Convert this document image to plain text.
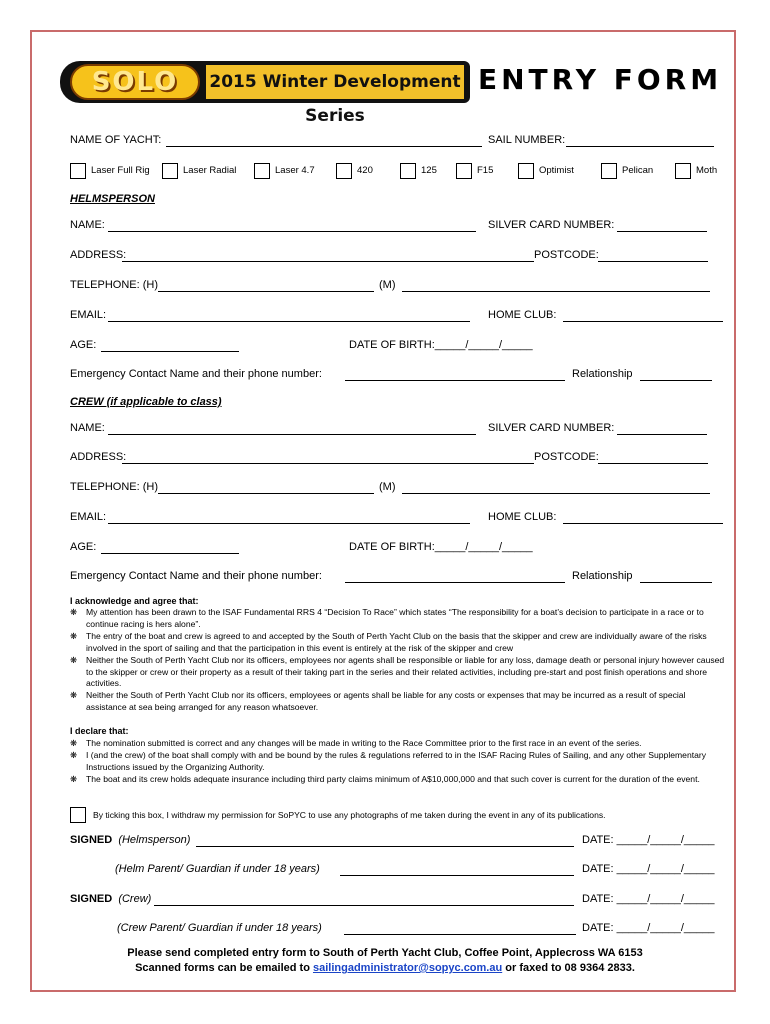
SOLO	2015 Winter Development Series
ENTRY FORM
NAME OF YACHT:	SAIL NUMBER:
Laser Full Rig	Laser Radial	Laser 4.7	420	125	F15	Optimist	Pelican	Moth
HELMSPERSON
NAME:	SILVER CARD NUMBER:
ADDRESS:	POSTCODE:
TELEPHONE: (H)	(M)
EMAIL:	HOME CLUB:
AGE:	DATE OF BIRTH:_____/_____/_____
Emergency Contact Name and their phone number:	Relationship
CREW (if applicable to class)
NAME:	SILVER CARD NUMBER:
ADDRESS:	POSTCODE:
TELEPHONE: (H)	(M)
EMAIL:	HOME CLUB:
AGE:	DATE OF BIRTH:_____/_____/_____
Emergency Contact Name and their phone number:	Relationship
I acknowledge and agree that:
❋ My attention has been drawn to the ISAF Fundamental RRS 4 “Decision To Race” which states “The responsibility for a boat’s decision to participate in a race or to continue racing is hers alone”.
❋ The entry of the boat and crew is agreed to and accepted by the South of Perth Yacht Club on the basis that the skipper and crew are individually aware of the risks involved in the sport of sailing and that the participation in this event is entirely at the risk of the skipper and crew
❋ Neither the South of Perth Yacht Club nor its officers, employees nor agents shall be responsible or liable for any loss, damage death or personal injury however caused to the skipper or crew or their property as a result of their taking part in the series and their related activities, including pre-start and post finish operations and shore activities.
❋ Neither the South of Perth Yacht Club nor its officers, employees or agents shall be liable for any costs or expenses that may be incurred as a result of special assistance at sea being arranged for any reason whatsoever.
I declare that:
❋ The nomination submitted is correct and any changes will be made in writing to the Race Committee prior to the first race in an event of the series.
❋ I (and the crew) of the boat shall comply with and be bound by the rules & regulations referred to in the ISAF Racing Rules of Sailing, and any other Supplementary Instructions issued by the Organizing Authority.
❋ The boat and its crew holds adequate insurance including third party claims minimum of A$10,000,000 and that such cover is current for the duration of the event.
By ticking this box, I withdraw my permission for SoPYC to use any photographs of me taken during the event in any of its publications.
SIGNED (Helmsperson)	DATE: _____/_____/_____
(Helm Parent/ Guardian if under 18 years)	DATE: _____/_____/_____
SIGNED (Crew)	DATE: _____/_____/_____
(Crew Parent/ Guardian if under 18 years)	DATE: _____/_____/_____
Please send completed entry form to South of Perth Yacht Club, Coffee Point, Applecross WA 6153
Scanned forms can be emailed to sailingadministrator@sopyc.com.au or faxed to 08 9364 2833.
